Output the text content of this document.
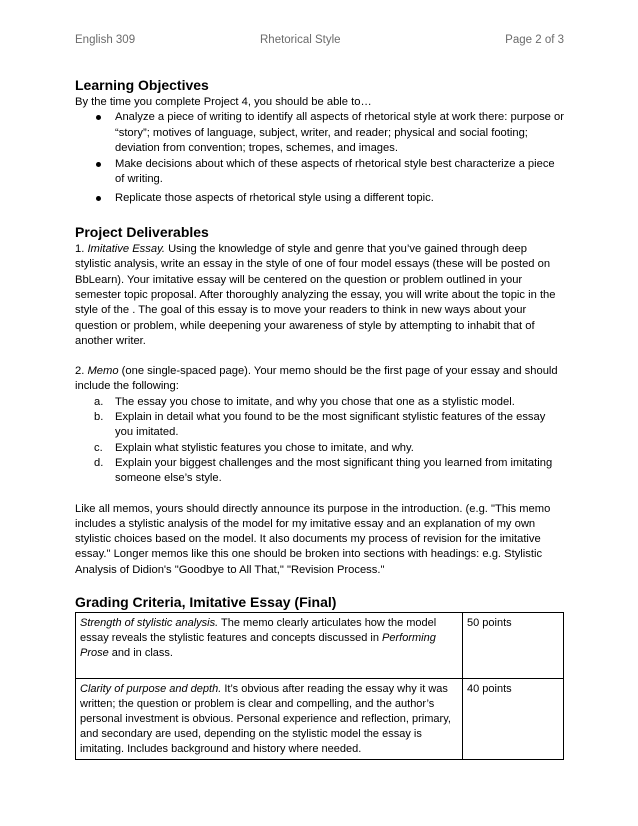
English 309	Rhetorical Style	Page 2 of 3
Learning Objectives

By the time you complete Project 4, you should be able to…

Analyze a piece of writing to identify all aspects of rhetorical style at work there: purpose or “story”; motives of language, subject, writer, and reader; physical and social footing; deviation from convention; tropes, schemes, and images.
Make decisions about which of these aspects of rhetorical style best characterize a piece of writing.
Replicate those aspects of rhetorical style using a different topic.
Project Deliverables

1. Imitative Essay. Using the knowledge of style and genre that you’ve gained through deep stylistic analysis, write an essay in the style of one of four model essays (these will be posted on BbLearn). Your imitative essay will be centered on the question or problem outlined in your semester topic proposal. After thoroughly analyzing the essay, you will write about the topic in the style of the . The goal of this essay is to move your readers to think in new ways about your question or problem, while deepening your awareness of style by attempting to inhabit that of another writer.

2. Memo (one single-spaced page). Your memo should be the first page of your essay and should include the following:

a. The essay you chose to imitate, and why you chose that one as a stylistic model.
b. Explain in detail what you found to be the most significant stylistic features of the essay you imitated.
c. Explain what stylistic features you chose to imitate, and why.
d. Explain your biggest challenges and the most significant thing you learned from imitating someone else’s style.

Like all memos, yours should directly announce its purpose in the introduction. (e.g. "This memo includes a stylistic analysis of the model for my imitative essay and an explanation of my own stylistic choices based on the model. It also documents my process of revision for the imitative essay." Longer memos like this one should be broken into sections with headings: e.g. Stylistic Analysis of Didion's "Goodbye to All That," "Revision Process."

Grading Criteria, Imitative Essay (Final)
Strength of stylistic analysis. The memo clearly articulates how the model essay reveals the stylistic features and concepts discussed in Performing Prose and in class.	50 points
Clarity of purpose and depth. It’s obvious after reading the essay why it was written; the question or problem is clear and compelling, and the author’s personal investment is obvious. Personal experience and reflection, primary, and secondary are used, depending on the stylistic model the essay is imitating. Includes background and history where needed.	40 points
